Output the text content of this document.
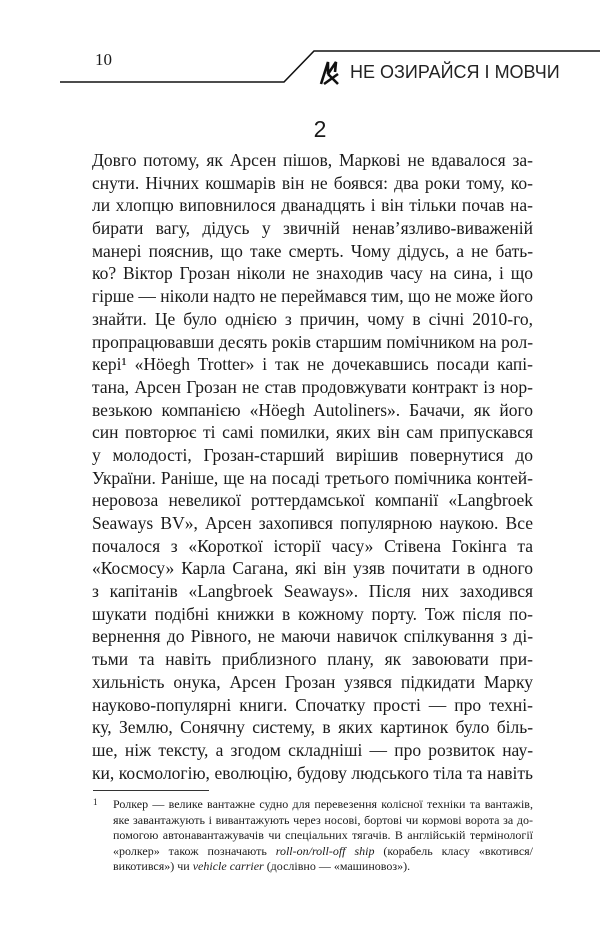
10
НЕ ОЗИРАЙСЯ І МОВЧИ
2
Довго потому, як Арсен пішов, Маркові не вдавалося за-
снути. Нічних кошмарів він не боявся: два роки тому, ко-
ли хлопцю виповнилося дванадцять і він тільки почав на-
бирати вагу, дідусь у звичній ненав’язливо-виваженій
манері пояснив, що таке смерть. Чому дідусь, а не бать-
ко? Віктор Грозан ніколи не знаходив часу на сина, і що
гірше — ніколи надто не переймався тим, що не може його
знайти. Це було однією з причин, чому в січні 2010-го,
пропрацювавши десять років старшим помічником на рол-
кері¹ «Höegh Trotter» і так не дочекавшись посади капі-
тана, Арсен Грозан не став продовжувати контракт із нор-
везькою компанією «Höegh Autoliners». Бачачи, як його
син повторює ті самі помилки, яких він сам припускався
у молодості, Грозан-старший вирішив повернутися до
України. Раніше, ще на посаді третього помічника контей-
неровоза невеликої роттердамської компанії «Langbroek
Seaways BV», Арсен захопився популярною наукою. Все
почалося з «Короткої історії часу» Стівена Гокінга та
«Космосу» Карла Сагана, які він узяв почитати в одного
з капітанів «Langbroek Seaways». Після них заходився
шукати подібні книжки в кожному порту. Тож після по-
вернення до Рівного, не маючи навичок спілкування з ді-
тьми та навіть приблизного плану, як завоювати при-
хильність онука, Арсен Грозан узявся підкидати Марку
науково-популярні книги. Спочатку прості — про техні-
ку, Землю, Сонячну систему, в яких картинок було біль-
ше, ніж тексту, а згодом складніші — про розвиток нау-
ки, космологію, еволюцію, будову людського тіла та навіть
1 Ролкер — велике вантажне судно для перевезення колісної техніки та вантажів,
яке завантажують і вивантажують через носові, бортові чи кормові ворота за до-
помогою автонавантажувачів чи спеціальних тягачів. В англійській термінології
«ролкер» також позначають roll-on/roll-off ship (корабель класу «вкотився/
викотився») чи vehicle carrier (дослівно — «машиновоз»).
